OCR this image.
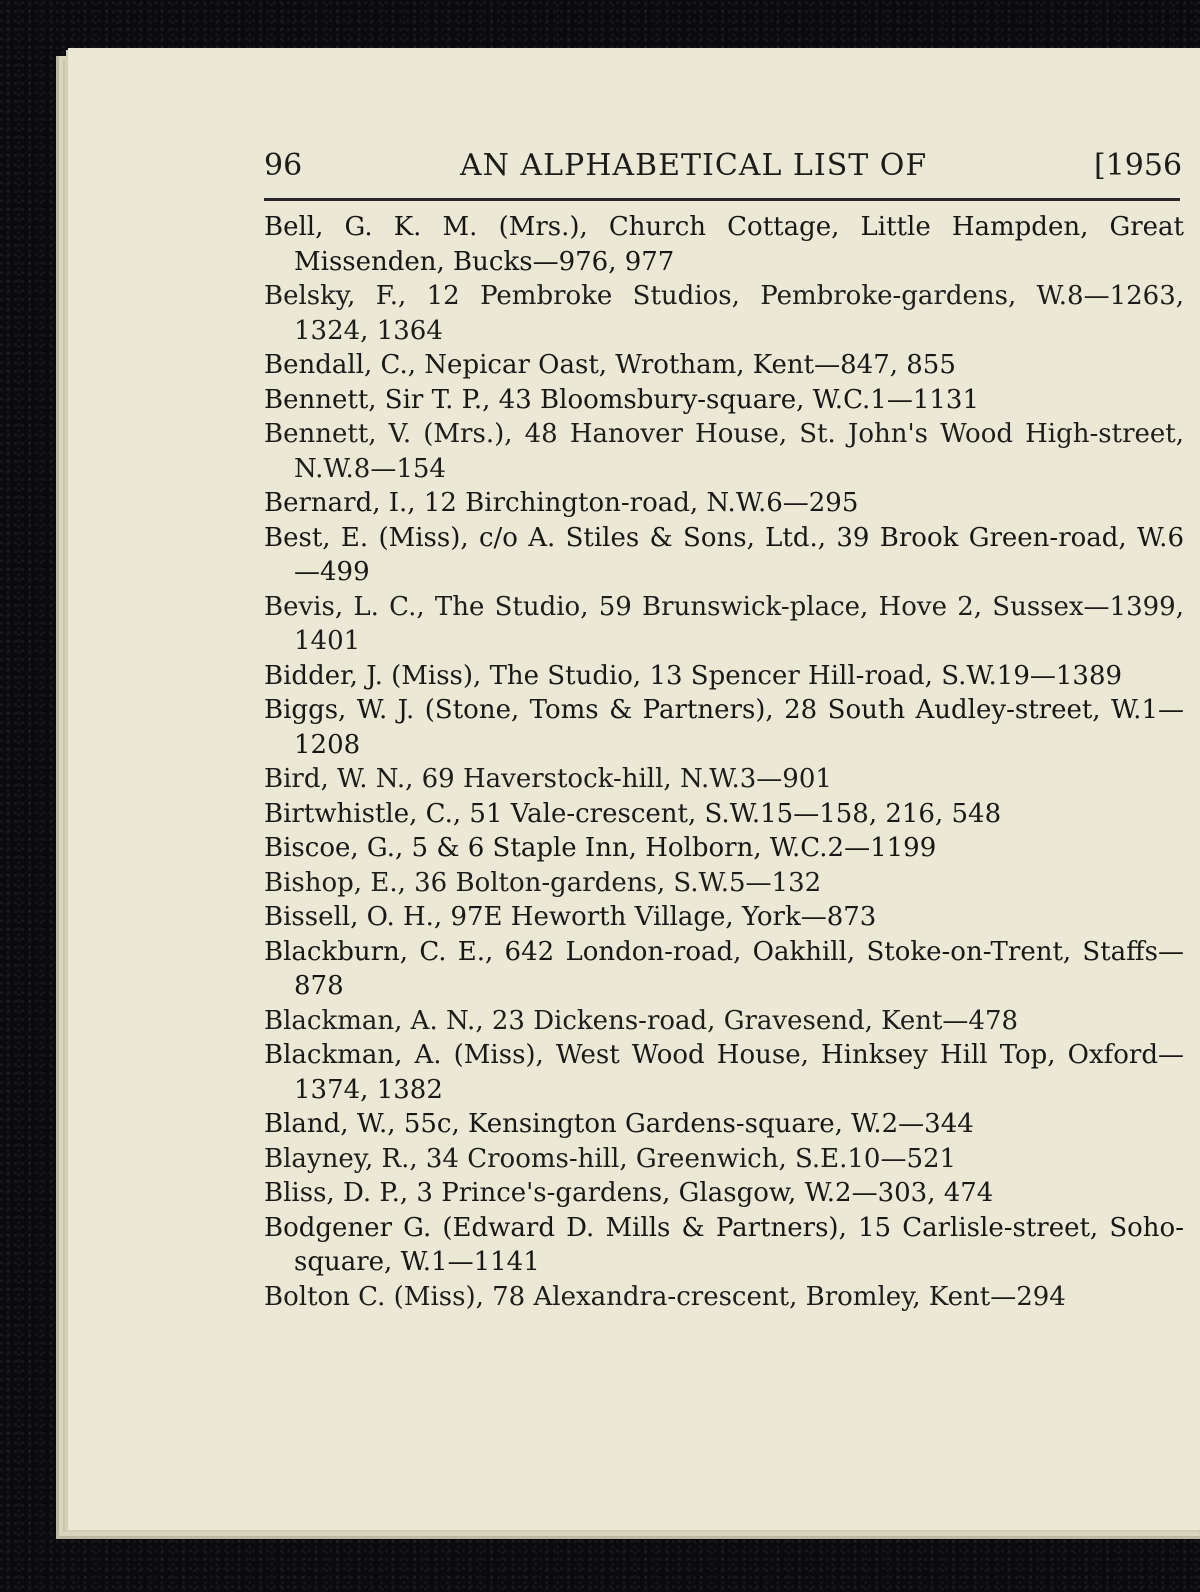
96	AN ALPHABETICAL LIST OF	[1956
Bell, G. K. M. (Mrs.), Church Cottage, Little Hampden, Great Missenden, Bucks—976, 977
Belsky, F., 12 Pembroke Studios, Pembroke-gardens, W.8—1263, 1324, 1364
Bendall, C., Nepicar Oast, Wrotham, Kent—847, 855
Bennett, Sir T. P., 43 Bloomsbury-square, W.C.1—1131
Bennett, V. (Mrs.), 48 Hanover House, St. John's Wood High-street, N.W.8—154
Bernard, I., 12 Birchington-road, N.W.6—295
Best, E. (Miss), c/o A. Stiles & Sons, Ltd., 39 Brook Green-road, W.6—499
Bevis, L. C., The Studio, 59 Brunswick-place, Hove 2, Sussex—1399, 1401
Bidder, J. (Miss), The Studio, 13 Spencer Hill-road, S.W.19—1389
Biggs, W. J. (Stone, Toms & Partners), 28 South Audley-street, W.1—1208
Bird, W. N., 69 Haverstock-hill, N.W.3—901
Birtwhistle, C., 51 Vale-crescent, S.W.15—158, 216, 548
Biscoe, G., 5 & 6 Staple Inn, Holborn, W.C.2—1199
Bishop, E., 36 Bolton-gardens, S.W.5—132
Bissell, O. H., 97E Heworth Village, York—873
Blackburn, C. E., 642 London-road, Oakhill, Stoke-on-Trent, Staffs—878
Blackman, A. N., 23 Dickens-road, Gravesend, Kent—478
Blackman, A. (Miss), West Wood House, Hinksey Hill Top, Oxford—1374, 1382
Bland, W., 55c, Kensington Gardens-square, W.2—344
Blayney, R., 34 Crooms-hill, Greenwich, S.E.10—521
Bliss, D. P., 3 Prince's-gardens, Glasgow, W.2—303, 474
Bodgener G. (Edward D. Mills & Partners), 15 Carlisle-street, Soho-square, W.1—1141
Bolton C. (Miss), 78 Alexandra-crescent, Bromley, Kent—294
